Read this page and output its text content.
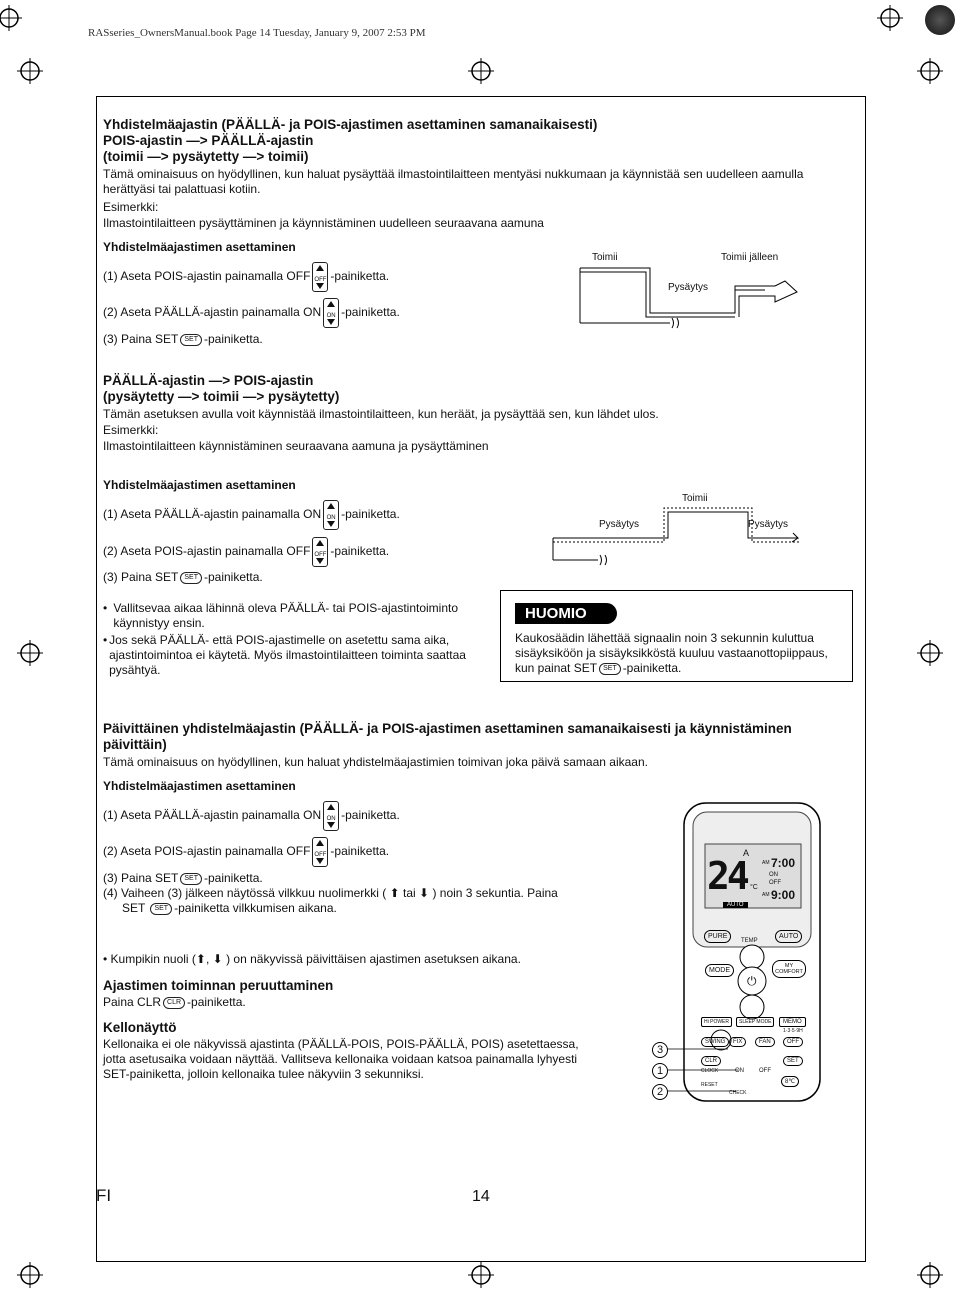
RASseries_OwnersManual.book Page 14 Tuesday, January 9, 2007 2:53 PM
Yhdistelmäajastin (PÄÄLLÄ- ja POIS-ajastimen asettaminen samanaikaisesti)
POIS-ajastin —> PÄÄLLÄ-ajastin
(toimii —> pysäytetty —> toimii)
Tämä ominaisuus on hyödyllinen, kun haluat pysäyttää ilmastointilaitteen mentyäsi nukkumaan ja käynnistää sen uudelleen aamulla herättyäsi tai palattuasi kotiin.
Esimerkki:
Ilmastointilaitteen pysäyttäminen ja käynnistäminen uudelleen seuraavana aamuna
Yhdistelmäajastimen asettaminen
(1) Aseta POIS-ajastin painamalla OFF OFF -painiketta.
(2) Aseta PÄÄLLÄ-ajastin painamalla ON ON -painiketta.
(3) Paina SET SET -painiketta.
Toimii
Pysäytys
Toimii jälleen
PÄÄLLÄ-ajastin —> POIS-ajastin
(pysäytetty —> toimii —> pysäytetty)
Tämän asetuksen avulla voit käynnistää ilmastointilaitteen, kun heräät, ja pysäyttää sen, kun lähdet ulos.
Esimerkki:
Ilmastointilaitteen käynnistäminen seuraavana aamuna ja pysäyttäminen
Yhdistelmäajastimen asettaminen
(1) Aseta PÄÄLLÄ-ajastin painamalla ON ON -painiketta.
(2) Aseta POIS-ajastin painamalla OFF OFF -painiketta.
(3) Paina SET SET -painiketta.
Pysäytys
Toimii
Pysäytys
• Vallitsevaa aikaa lähinnä oleva PÄÄLLÄ- tai POIS-ajastintoiminto käynnistyy ensin.
• Jos sekä PÄÄLLÄ- että POIS-ajastimelle on asetettu sama aika, ajastintoimintoa ei käytetä. Myös ilmastointilaitteen toiminta saattaa pysähtyä.
HUOMIO
Kaukosäädin lähettää signaalin noin 3 sekunnin kuluttua sisäyksiköön ja sisäyksikköstä kuuluu vastaanottopiippaus, kun painat SET SET -painiketta.
Päivittäinen yhdistelmäajastin (PÄÄLLÄ- ja POIS-ajastimen asettaminen samanaikaisesti ja käynnistäminen päivittäin)
Tämä ominaisuus on hyödyllinen, kun haluat yhdistelmäajastimien toimivan joka päivä samaan aikaan.
Yhdistelmäajastimen asettaminen
(1) Aseta PÄÄLLÄ-ajastin painamalla ON ON -painiketta.
(2) Aseta POIS-ajastin painamalla OFF OFF -painiketta.
(3) Paina SET SET -painiketta.
(4) Vaiheen (3) jälkeen näytössä vilkkuu nuolimerkki ( ⬆ tai ⬇ ) noin 3 sekuntia. Paina
SET SET -painiketta vilkkumisen aikana.
• Kumpikin nuoli (⬆, ⬇ ) on näkyvissä päivittäisen ajastimen asetuksen aikana.
Ajastimen toiminnan peruuttaminen
Paina CLR CLR -painiketta.
Kellonäyttö
Kellonaika ei ole näkyvissä ajastinta (PÄÄLLÄ-POIS, POIS-PÄÄLLÄ, POIS) asetettaessa, jotta asetusaika voidaan näyttää. Vallitseva kellonaika voidaan katsoa painamalla lyhyesti SET-painiketta, jolloin kellonaika tulee näkyviin 3 sekunniksi.
A
24 °C
AM 7:00
ON
OFF
AM 9:00
AUTO
PURE
TEMP
AUTO
MODE
MY COMFORT
⏻
Hi POWER	SLEEP MODE	MEMO
1·3·5·9H
SWING	FIX	FAN	OFF
CLR
ON	OFF
SET
CLOCK
RESET
CHECK
8℃
3
1
2
FI	14
